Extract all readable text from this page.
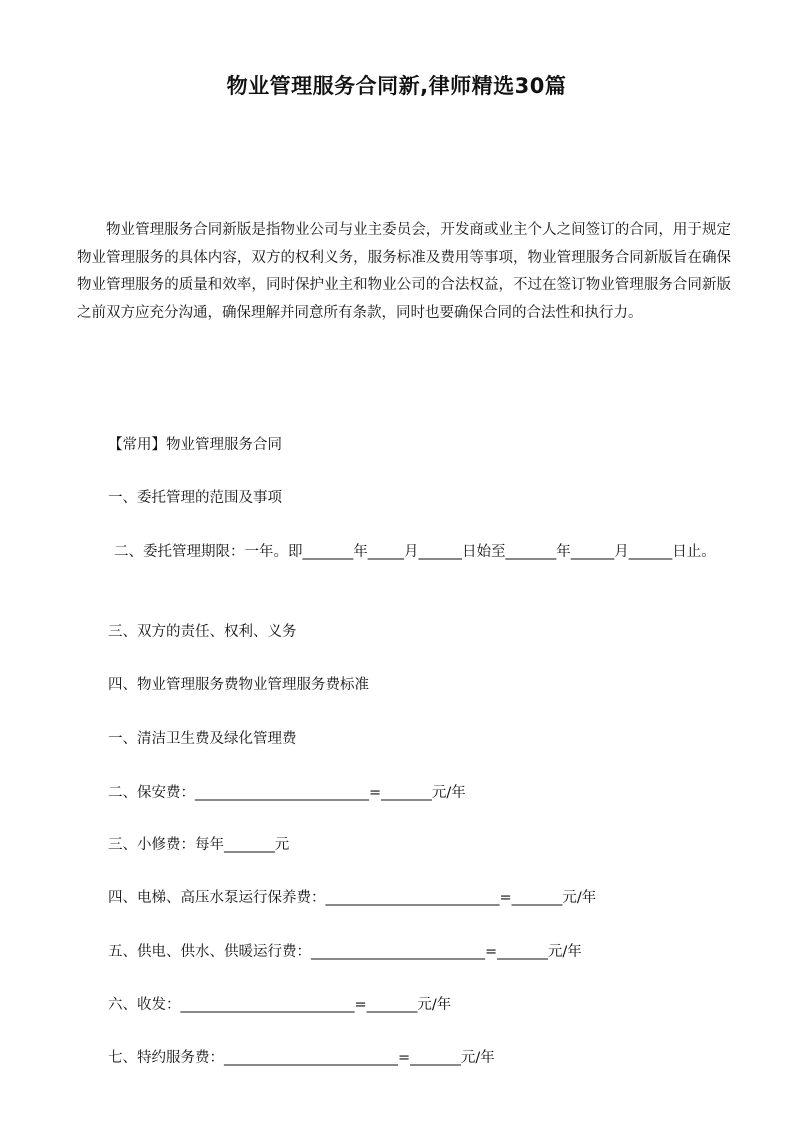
物业管理服务合同新,律师精选30篇

物业管理服务合同新版是指物业公司与业主委员会，开发商或业主个人之间签订的合同，用于规定物业管理服务的具体内容，双方的权利义务，服务标准及费用等事项，物业管理服务合同新版旨在确保物业管理服务的质量和效率，同时保护业主和物业公司的合法权益，不过在签订物业管理服务合同新版之前双方应充分沟通，确保理解并同意所有条款，同时也要确保合同的合法性和执行力。

【常用】物业管理服务合同

一、委托管理的范围及事项

二、委托管理期限：一年。即_______年_____月______日始至_______年______月______日止。

三、双方的责任、权利、义务

四、物业管理服务费物业管理服务费标准

一、清洁卫生费及绿化管理费

二、保安费：________________________=_______元/年

三、小修费：每年_______元

四、电梯、高压水泵运行保养费：________________________=_______元/年

五、供电、供水、供暖运行费：________________________=_______元/年

六、收发：________________________=_______元/年

七、特约服务费：________________________=_______元/年
